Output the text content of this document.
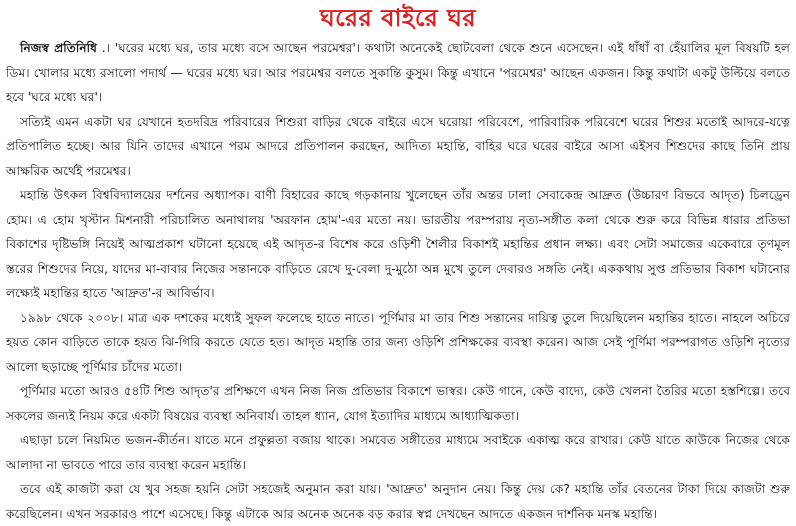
ঘরের বাইরে ঘর

নিজস্ব প্রতিনিধি .। 'ঘরের মধ্যে ঘর, তার মধ্যে বসে আছেন পরমেশ্বর'। কথাটা অনেকেই ছোটবেলা থেকে শুনে এসেছেন। এই ধাঁধাঁ বা হেঁয়ালির মূল বিষয়টি হল ডিম। খোলার মধ্যে রসালো পদার্থ — ঘরের মধ্যে ঘর। আর পরমেশ্বর বলতে সুকান্তি কুসুম। কিন্তু এখানে 'পরমেশ্বর' আছেন একজন। কিন্তু কথাটা একটু উল্টিয়ে বলতে হবে 'ঘরে মধ্যে ঘর'।

সত্যিই এমন একটা ঘর যেখানে হতদরিদ্র পরিবারের শিশুরা বাড়ির থেকে বাইরে এসে ঘরোয়া পরিবেশে, পারিবারিক পরিবেশে ঘরের শিশুর মতোই আদরে-যত্নে প্রতিপালিত হচ্ছে। আর যিনি তাদের এখানে পরম আদরে প্রতিপালন করছেন, আদিত্য মহান্তি, বাহির ঘরে ঘরের বাইরে আসা এইসব শিশুদের কাছে তিনি প্রায় আক্ষরিক অর্থেই পরমেশ্বর।

মহান্তি উৎকল বিশ্ববিদ্যালয়ের দর্শনের অধ্যাপক। বাণী বিহারের কাছে গড়কানায় খুলেছেন তাঁর অন্তর ঢালা সেবাকেন্দ্র আদ্রুত (উচ্চারণ বিভবে আদৃত) চিলড্রেন হোম। এ হোম খৃস্টান মিশনারী পরিচালিত অনাথালয় 'অরফান হোম'-এর মতো নয়। ভারতীয় পরম্পরায় নৃত্য-সঙ্গীত কলা থেকে শুরু করে বিভিন্ন ধারার প্রতিভা বিকাশের দৃষ্টিভঙ্গি নিয়েই আত্মপ্রকাশ ঘটানো হয়েছে এই আদৃত-র বিশেষ করে ওড়িশী শৈলীর বিকাশই মহান্তির প্রধান লক্ষ্য। এবং সেটা সমাজের একেবারে তৃণমূল স্তরের শিশুদের নিয়ে, যাদের মা-বাবার নিজের সন্তানকে বাড়িতে রেখে দু-বেলা দু-মুঠো অন্ন মুখে তুলে দেবারও সঙ্গতি নেই। এককথায় সুপ্ত প্রতিভার বিকাশ ঘটানোর লক্ষ্যেই মহান্তির হাতে 'আদ্রুত'-র আবির্ভাব।

১৯৯৮ থেকে ২০০৮। মাত্র এক দশকের মধ্যেই সুফল ফলেছে হাতে নাতে। পূর্ণিমার মা তার শিশু সন্তানের দায়িত্ব তুলে দিয়েছিলেন মহান্তির হাতে। নাহলে অচিরে হয়ত কোন বাড়িতে তাকে হয়ত ঝি-গিরি করতে যেতে হত। আদৃত মহান্তি তার জন্য ওড়িশি প্রশিক্ষকের ব্যবস্থা করেন। আজ সেই পূর্ণিমা পরম্পরাগত ওড়িশি নৃত্যের আলো ছড়াচ্ছে পূর্ণিমার চাঁদের মতো।

পূর্ণিমার মতো আরও ৫৪টি শিশু আদৃত'র প্রশিক্ষণে এখন নিজ নিজ প্রতিভার বিকাশে ভাস্বর। কেউ গানে, কেউ বাদ্যে, কেউ খেলনা তৈরির মতো হস্তশিল্পে। তবে সকলের জন্যই নিয়ম করে একটা বিষয়ের ব্যবস্থা অনিবার্য। তাহল ধ্যান, যোগ ইত্যাদির মাধ্যমে আধ্যাত্মিকতা।

এছাড়া চলে নিয়মিত ভজন-কীর্তন। যাতে মনে প্রফুল্লতা বজায় থাকে। সমবেত সঙ্গীতের মাধ্যমে সবাইকে একাত্ম করে রাখার। কেউ যাতে কাউকে নিজের থেকে আলাদা না ভাবতে পারে তার ব্যবস্থা করেন মহান্তি।

তবে এই কাজটা করা যে খুব সহজ হয়নি সেটা সহজেই অনুমান করা যায়। 'আদ্রুত' অনুদান নেয়। কিন্তু দেয় কে? মহান্তি তাঁর বেতনের টাকা দিয়ে কাজটা শুরু করেছিলেন। এখন সরকারও পাশে এসেছে। কিন্তু এটাকে আর অনেক অনেক বড় করার স্বপ্ন দেখছেন আদতে একজন দার্শনিক মনস্ক মহান্তি।
